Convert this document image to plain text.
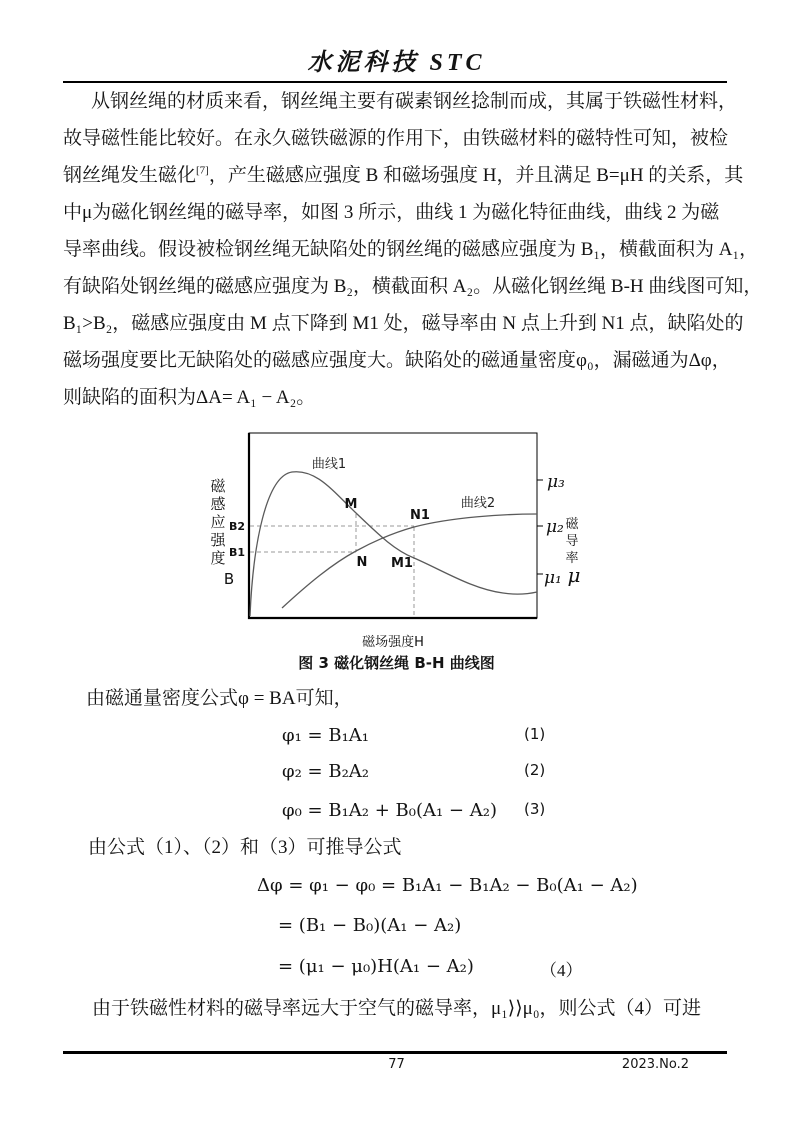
水泥科技 STC
从钢丝绳的材质来看，钢丝绳主要有碳素钢丝捻制而成，其属于铁磁性材料，
故导磁性能比较好。在永久磁铁磁源的作用下，由铁磁材料的磁特性可知，被检
钢丝绳发生磁化[7]，产生磁感应强度 B 和磁场强度 H，并且满足 B=μH 的关系，其
中μ为磁化钢丝绳的磁导率，如图 3 所示，曲线 1 为磁化特征曲线，曲线 2 为磁
导率曲线。假设被检钢丝绳无缺陷处的钢丝绳的磁感应强度为 B₁，横截面积为 A₁，
有缺陷处钢丝绳的磁感应强度为 B₂，横截面积 A₂。从磁化钢丝绳 B-H 曲线图可知，
B₁>B₂，磁感应强度由 M 点下降到 M1 处，磁导率由 N 点上升到 N1 点，缺陷处的
磁场强度要比无缺陷处的磁感应强度大。缺陷处的磁通量密度φ₀，漏磁通为Δφ，
则缺陷的面积为ΔA= A₁ − A₂。
曲线1
曲线2
M
N1
N M1
B2
B1
μ₃
μ₂
μ₁
磁
感
应
强
度
B
磁
导
率
μ
磁场强度H
图 3 磁化钢丝绳 B-H 曲线图
由磁通量密度公式φ = BA可知，
φ₁ = B₁A₁	(1)
φ₂ = B₂A₂	(2)
φ₀ = B₁A₂ + B₀(A₁ − A₂) (3)
由公式（1）、（2）和（3）可推导公式
Δφ = φ₁ − φ₀ = B₁A₁ − B₁A₂ − B₀(A₁ − A₂)
= (B₁ − B₀)(A₁ − A₂)
= (μ₁ − μ₀)H(A₁ − A₂)	（4）
由于铁磁性材料的磁导率远大于空气的磁导率，μ₁⟩⟩μ₀，则公式（4）可进
77	2023.No.2
